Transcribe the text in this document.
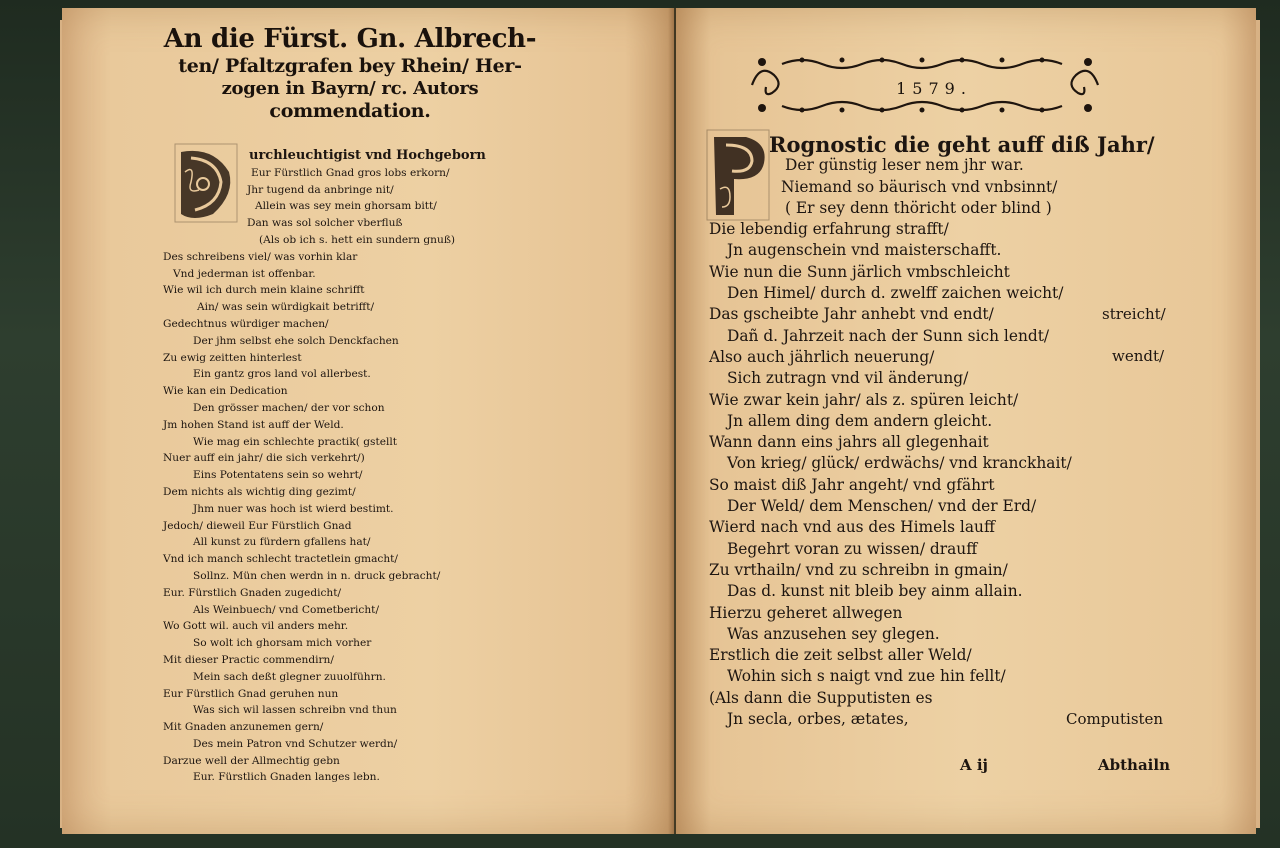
An die Fürst. Gn. Albrech-
ten/ Pfaltzgrafen bey Rhein/ Her-
zogen in Bayrn/ rc. Autors
commendation.
urchleuchtigist vnd Hochgeborn
Eur Fürstlich Gnad gros lobs erkorn/
Jhr tugend da anbringe nit/
Allein was sey mein ghorsam bitt/
Dan was sol solcher vberfluß
(Als ob ich s. hett ein sundern gnuß)
Des schreibens viel/ was vorhin klar
Vnd jederman ist offenbar.
Wie wil ich durch mein klaine schrifft
Ain/ was sein würdigkait betrifft/
Gedechtnus würdiger machen/
Der jhm selbst ehe solch Denckfachen
Zu ewig zeitten hinterlest
Ein gantz gros land vol allerbest.
Wie kan ein Dedication
Den grösser machen/ der vor schon
Jm hohen Stand ist auff der Weld.
Wie mag ein schlechte practik( gstellt
Nuer auff ein jahr/ die sich verkehrt/)
Eins Potentatens sein so wehrt/
Dem nichts als wichtig ding gezimt/
Jhm nuer was hoch ist wierd bestimt.
Jedoch/ dieweil Eur Fürstlich Gnad
All kunst zu fürdern gfallens hat/
Vnd ich manch schlecht tractetlein gmacht/
Sollnz. Mün chen werdn in n. druck gebracht/
Eur. Fürstlich Gnaden zugedicht/
Als Weinbuech/ vnd Cometbericht/
Wo Gott wil. auch vil anders mehr.
So wolt ich ghorsam mich vorher
Mit dieser Practic commendirn/
Mein sach deßt glegner zuuolführn.
Eur Fürstlich Gnad geruhen nun
Was sich wil lassen schreibn vnd thun
Mit Gnaden anzunemen gern/
Des mein Patron vnd Schutzer werdn/
Darzue well der Allmechtig gebn
Eur. Fürstlich Gnaden langes lebn.
1579.
Rognostic die geht auff diß Jahr/
Der günstig leser nem jhr war.
Niemand so bäurisch vnd vnbsinnt/
( Er sey denn thöricht oder blind )
Die lebendig erfahrung strafft/
Jn augenschein vnd maisterschafft.
Wie nun die Sunn järlich vmbschleicht
Den Himel/ durch d. zwelff zaichen weicht/
Das gscheibte Jahr anhebt vnd endt/
Dañ d. Jahrzeit nach der Sunn sich lendt/
Also auch jährlich neuerung/
Sich zutragn vnd vil änderung/
Wie zwar kein jahr/ als z. spüren leicht/
Jn allem ding dem andern gleicht.
Wann dann eins jahrs all glegenhait
Von krieg/ glück/ erdwächs/ vnd kranckhait/
So maist diß Jahr angeht/ vnd gfährt
Der Weld/ dem Menschen/ vnd der Erd/
Wierd nach vnd aus des Himels lauff
Begehrt voran zu wissen/ drauff
Zu vrthailn/ vnd zu schreibn in gmain/
Das d. kunst nit bleib bey ainm allain.
Hierzu geheret allwegen
Was anzusehen sey glegen.
Erstlich die zeit selbst aller Weld/
Wohin sich s naigt vnd zue hin fellt/
(Als dann die Supputisten es
Jn secla, orbes, ætates,
streicht/
wendt/
Computisten
A ij	Abthailn
